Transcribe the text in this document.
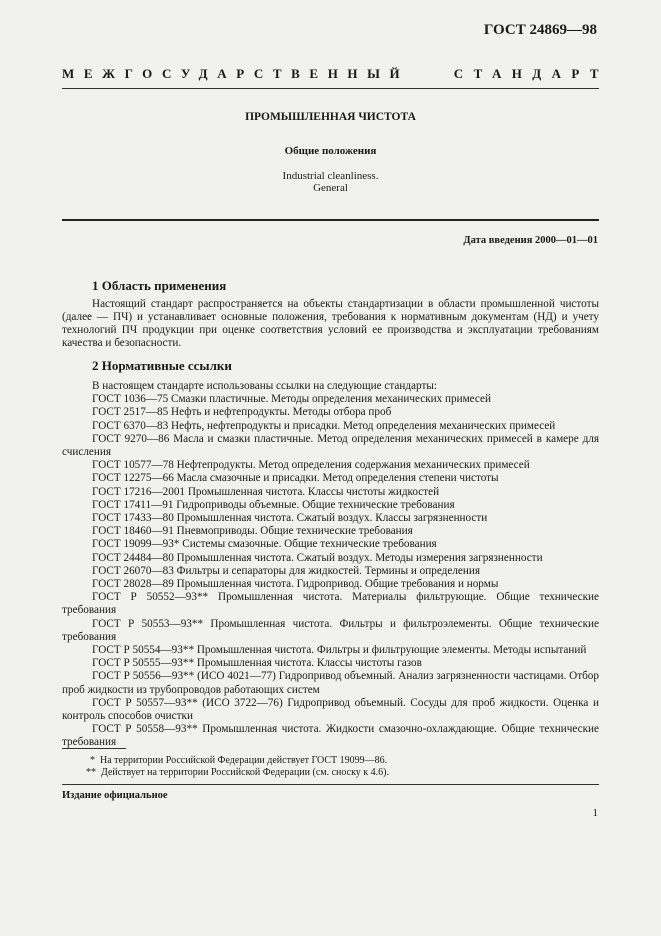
ГОСТ 24869—98
МЕЖГОСУДАРСТВЕННЫЙ	СТАНДАРТ
ПРОМЫШЛЕННАЯ ЧИСТОТА
Общие положения
Industrial cleanliness.
General
Дата введения 2000—01—01
1 Область применения

Настоящий стандарт распространяется на объекты стандартизации в области промышленной чистоты (далее — ПЧ) и устанавливает основные положения, требования к нормативным документам (НД) и учету технологий ПЧ продукции при оценке соответствия условий ее производства и эксплуатации требованиям качества и безопасности.

2 Нормативные ссылки

В настоящем стандарте использованы ссылки на следующие стандарты:

ГОСТ 1036—75 Смазки пластичные. Методы определения механических примесей

ГОСТ 2517—85 Нефть и нефтепродукты. Методы отбора проб

ГОСТ 6370—83 Нефть, нефтепродукты и присадки. Метод определения механических примесей

ГОСТ 9270—86 Масла и смазки пластичные. Метод определения механических примесей в камере для счисления

ГОСТ 10577—78 Нефтепродукты. Метод определения содержания механических примесей

ГОСТ 12275—66 Масла смазочные и присадки. Метод определения степени чистоты

ГОСТ 17216—2001 Промышленная чистота. Классы чистоты жидкостей

ГОСТ 17411—91 Гидроприводы объемные. Общие технические требования

ГОСТ 17433—80 Промышленная чистота. Сжатый воздух. Классы загрязненности

ГОСТ 18460—91 Пневмоприводы. Общие технические требования

ГОСТ 19099—93* Системы смазочные. Общие технические требования

ГОСТ 24484—80 Промышленная чистота. Сжатый воздух. Методы измерения загрязненности

ГОСТ 26070—83 Фильтры и сепараторы для жидкостей. Термины и определения

ГОСТ 28028—89 Промышленная чистота. Гидропривод. Общие требования и нормы

ГОСТ Р 50552—93** Промышленная чистота. Материалы фильтрующие. Общие технические требования

ГОСТ Р 50553—93** Промышленная чистота. Фильтры и фильтроэлементы. Общие технические требования

ГОСТ Р 50554—93** Промышленная чистота. Фильтры и фильтрующие элементы. Методы испытаний

ГОСТ Р 50555—93** Промышленная чистота. Классы чистоты газов

ГОСТ Р 50556—93** (ИСО 4021—77) Гидропривод объемный. Анализ загрязненности частицами. Отбор проб жидкости из трубопроводов работающих систем

ГОСТ Р 50557—93** (ИСО 3722—76) Гидропривод объемный. Сосуды для проб жидкости. Оценка и контроль способов очистки

ГОСТ Р 50558—93** Промышленная чистота. Жидкости смазочно-охлаждающие. Общие технические требования

* На территории Российской Федерации действует ГОСТ 19099—86.
** Действует на территории Российской Федерации (см. сноску к 4.6).
Издание официальное
1
